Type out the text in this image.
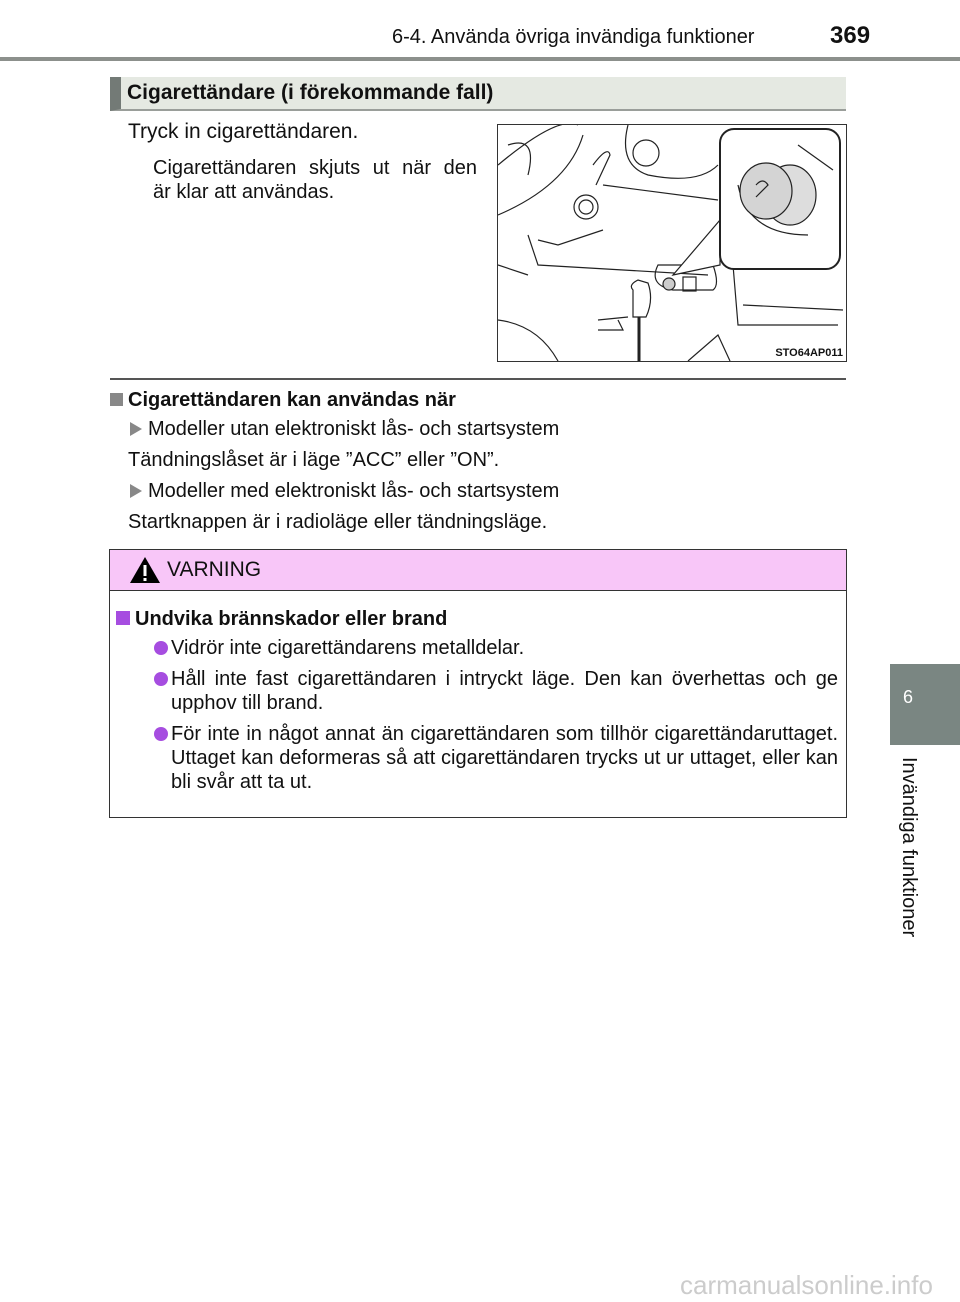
6-4. Använda övriga invändiga funktioner	369
Cigarettändare (i förekommande fall)
Tryck in cigarettändaren.
Cigarettändaren skjuts ut när den
är klar att användas.
STO64AP011
Cigarettändaren kan användas när
Modeller utan elektroniskt lås- och startsystem
Tändningslåset är i läge ”ACC” eller ”ON”.
Modeller med elektroniskt lås- och startsystem
Startknappen är i radioläge eller tändningsläge.
VARNING
Undvika brännskador eller brand
Vidrör inte cigarettändarens metalldelar.
Håll inte fast cigarettändaren i intryckt läge. Den kan överhettas och ge upphov till brand.
För inte in något annat än cigarettändaren som tillhör cigarettändaruttaget. Uttaget kan deformeras så att cigarettändaren trycks ut ur uttaget, eller kan bli svår att ta ut.
6
Invändiga funktioner
carmanualsonline.info
